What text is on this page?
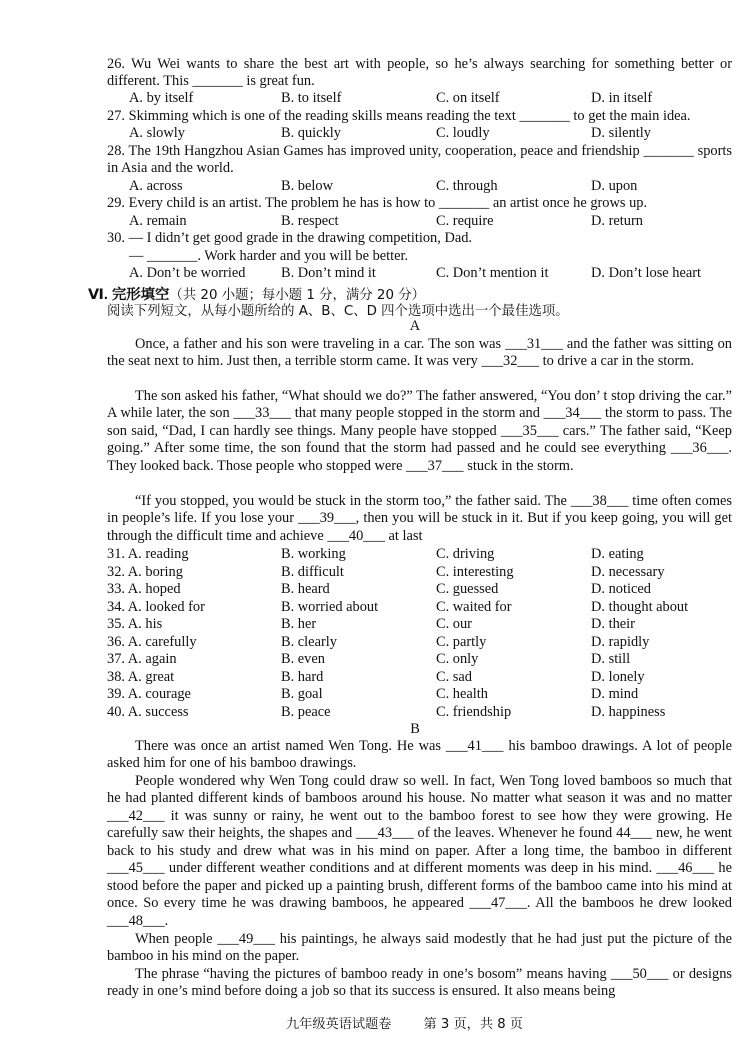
26. Wu Wei wants to share the best art with people, so he’s always searching for something better or different. This _______ is great fun.
A. by itself	B. to itself	C. on itself	D. in itself
27. Skimming which is one of the reading skills means reading the text _______ to get the main idea.
A. slowly	B. quickly	C. loudly	D. silently
28. The 19th Hangzhou Asian Games has improved unity, cooperation, peace and friendship _______ sports in Asia and the world.
A. across	B. below	C. through	D. upon
29. Every child is an artist. The problem he has is how to _______ an artist once he grows up.
A. remain	B. respect	C. require	D. return
30. — I didn’t get good grade in the drawing competition, Dad.
— _______. Work harder and you will be better.
A. Don’t be worried B. Don’t mind it	C. Don’t mention it	D. Don’t lose heart
Ⅵ. 完形填空（共 20 小题；每小题 1 分，满分 20 分）
阅读下列短文，从每小题所给的 A、B、C、D 四个选项中选出一个最佳选项。
A
Once, a father and his son were traveling in a car. The son was ___31___ and the father was sitting on the seat next to him. Just then, a terrible storm came. It was very ___32___ to drive a car in the storm.
The son asked his father, “What should we do?” The father answered, “You don’ t stop driving the car.” A while later, the son ___33___ that many people stopped in the storm and ___34___ the storm to pass. The son said, “Dad, I can hardly see things. Many people have stopped ___35___ cars.” The father said, “Keep going.” After some time, the son found that the storm had passed and he could see everything ___36___. They looked back. Those people who stopped were ___37___ stuck in the storm.
“If you stopped, you would be stuck in the storm too,” the father said. The ___38___ time often comes in people’s life. If you lose your ___39___, then you will be stuck in it. But if you keep going, you will get through the difficult time and achieve ___40___ at last
31. A. reading	B. working	C. driving	D. eating
32. A. boring	B. difficult	C. interesting	D. necessary
33. A. hoped	B. heard	C. guessed	D. noticed
34. A. looked for	B. worried about	C. waited for	D. thought about
35. A. his	B. her	C. our	D. their
36. A. carefully	B. clearly	C. partly	D. rapidly
37. A. again	B. even	C. only	D. still
38. A. great	B. hard	C. sad	D. lonely
39. A. courage	B. goal	C. health	D. mind
40. A. success	B. peace	C. friendship	D. happiness
B
There was once an artist named Wen Tong. He was ___41___ his bamboo drawings. A lot of people asked him for one of his bamboo drawings.
People wondered why Wen Tong could draw so well. In fact, Wen Tong loved bamboos so much that he had planted different kinds of bamboos around his house. No matter what season it was and no matter ___42___ it was sunny or rainy, he went out to the bamboo forest to see how they were growing. He carefully saw their heights, the shapes and ___43___ of the leaves. Whenever he found 44___ new, he went back to his study and drew what was in his mind on paper. After a long time, the bamboo in different ___45___ under different weather conditions and at different moments was deep in his mind. ___46___ he stood before the paper and picked up a painting brush, different forms of the bamboo came into his mind at once. So every time he was drawing bamboos, he appeared ___47___. All the bamboos he drew looked ___48___.
When people ___49___ his paintings, he always said modestly that he had just put the picture of the bamboo in his mind on the paper.
The phrase “having the pictures of bamboo ready in one’s bosom” means having ___50___ or designs ready in one’s mind before doing a job so that its success is ensured. It also means being
九年级英语试题卷 第 3 页，共 8 页
